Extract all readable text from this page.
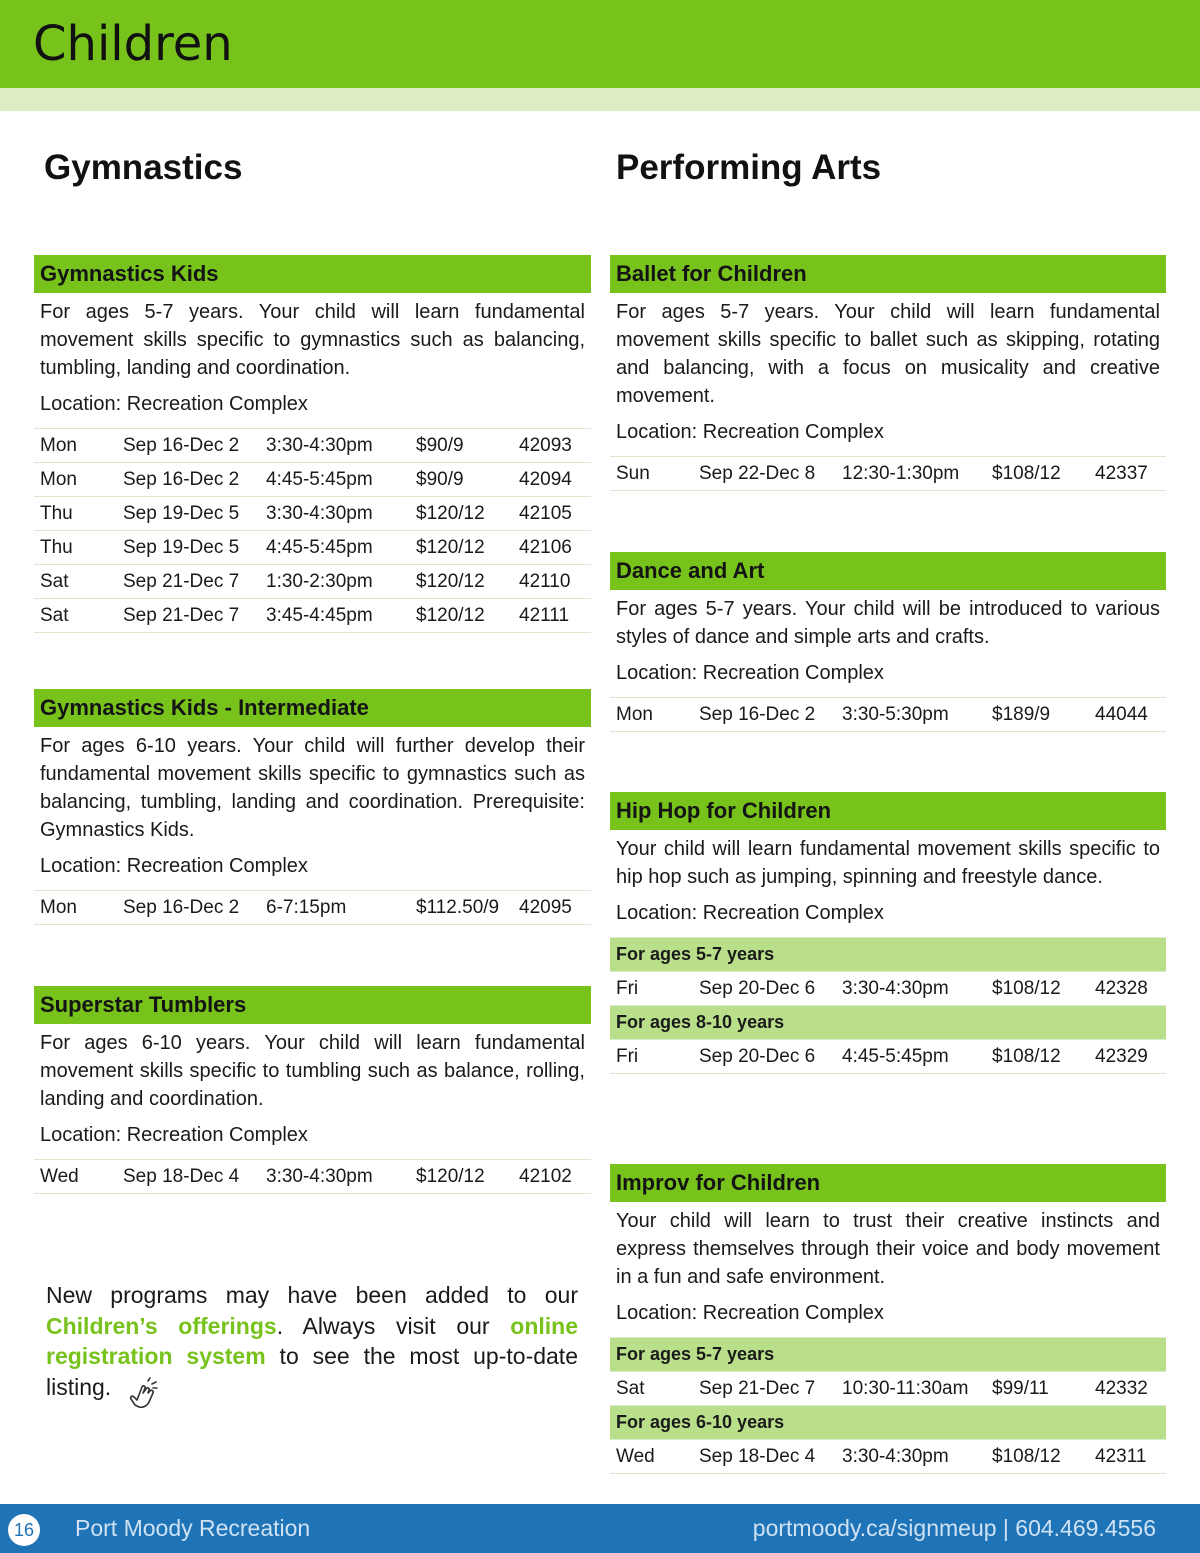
Children
Gymnastics	Performing Arts
Gymnastics Kids
For ages 5-7 years. Your child will learn fundamental movement skills specific to gymnastics such as balancing, tumbling, landing and coordination.
Location: Recreation Complex
Mon	Sep 16-Dec 2	3:30-4:30pm	$90/9	42093
Mon	Sep 16-Dec 2	4:45-5:45pm	$90/9	42094
Thu	Sep 19-Dec 5	3:30-4:30pm	$120/12	42105
Thu	Sep 19-Dec 5	4:45-5:45pm	$120/12	42106
Sat	Sep 21-Dec 7	1:30-2:30pm	$120/12	42110
Sat	Sep 21-Dec 7	3:45-4:45pm	$120/12	42111
Gymnastics Kids - Intermediate
For ages 6-10 years. Your child will further develop their fundamental movement skills specific to gymnastics such as balancing, tumbling, landing and coordination. Prerequisite: Gymnastics Kids.
Location: Recreation Complex
Mon	Sep 16-Dec 2	6-7:15pm	$112.50/9	42095
Superstar Tumblers
For ages 6-10 years. Your child will learn fundamental movement skills specific to tumbling such as balance, rolling, landing and coordination.
Location: Recreation Complex
Wed	Sep 18-Dec 4	3:30-4:30pm	$120/12	42102
Ballet for Children
For ages 5-7 years. Your child will learn fundamental movement skills specific to ballet such as skipping, rotating and balancing, with a focus on musicality and creative movement.
Location: Recreation Complex
Sun	Sep 22-Dec 8	12:30-1:30pm	$108/12	42337
Dance and Art
For ages 5-7 years. Your child will be introduced to various styles of dance and simple arts and crafts.
Location: Recreation Complex
Mon	Sep 16-Dec 2	3:30-5:30pm	$189/9	44044
Hip Hop for Children
Your child will learn fundamental movement skills specific to hip hop such as jumping, spinning and freestyle dance.
Location: Recreation Complex
For ages 5-7 years				
Fri	Sep 20-Dec 6	3:30-4:30pm	$108/12	42328
For ages 8-10 years				
Fri	Sep 20-Dec 6	4:45-5:45pm	$108/12	42329
Improv for Children
Your child will learn to trust their creative instincts and express themselves through their voice and body movement in a fun and safe environment.
Location: Recreation Complex
For ages 5-7 years				
Sat	Sep 21-Dec 7	10:30-11:30am	$99/11	42332
For ages 6-10 years				
Wed	Sep 18-Dec 4	3:30-4:30pm	$108/12	42311
New programs may have been added to our Children’s offerings. Always visit our online registration system to see the most up-to-date listing.
16 Port Moody Recreation	portmoody.ca/signmeup | 604.469.4556
